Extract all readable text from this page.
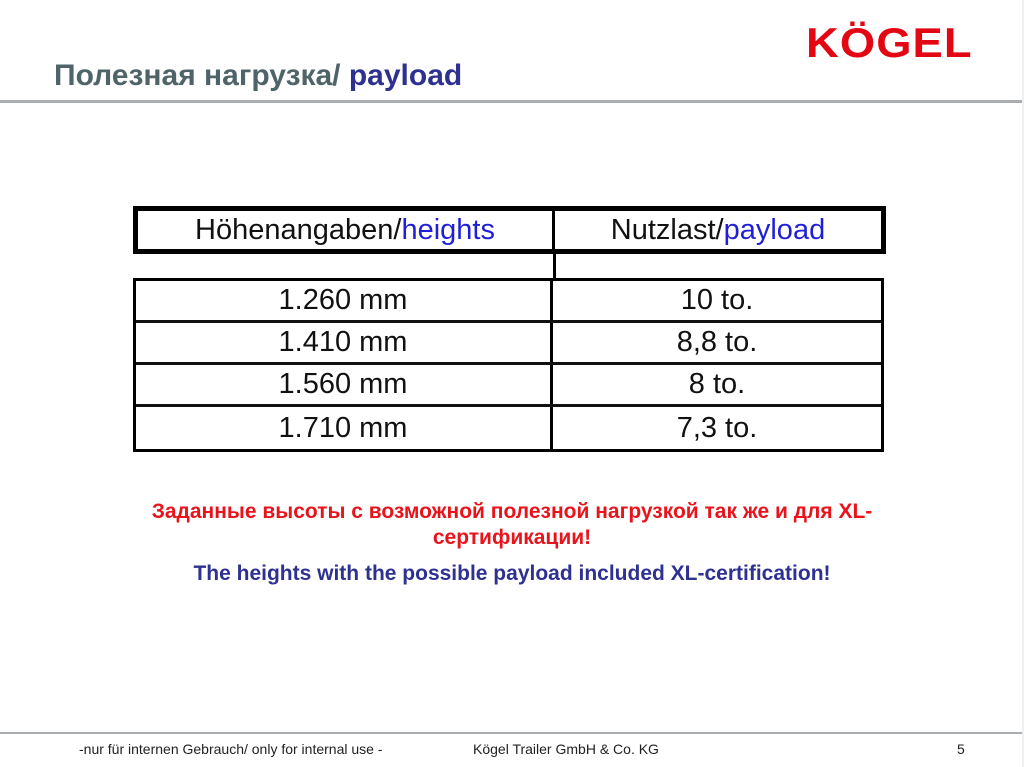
KÖGEL
Полезная нагрузка/ payload
Höhenangaben/ heights	Nutzlast/ payload
1.260 mm	10 to.
1.410 mm	8,8 to.
1.560 mm	8 to.
1.710 mm	7,3 to.
Заданные высоты с возможной полезной нагрузкой так же и для XL-
сертификации!
The heights with the possible payload included XL-certification!
-nur für internen Gebrauch/ only for internal use -	Kögel Trailer GmbH & Co. KG	5
